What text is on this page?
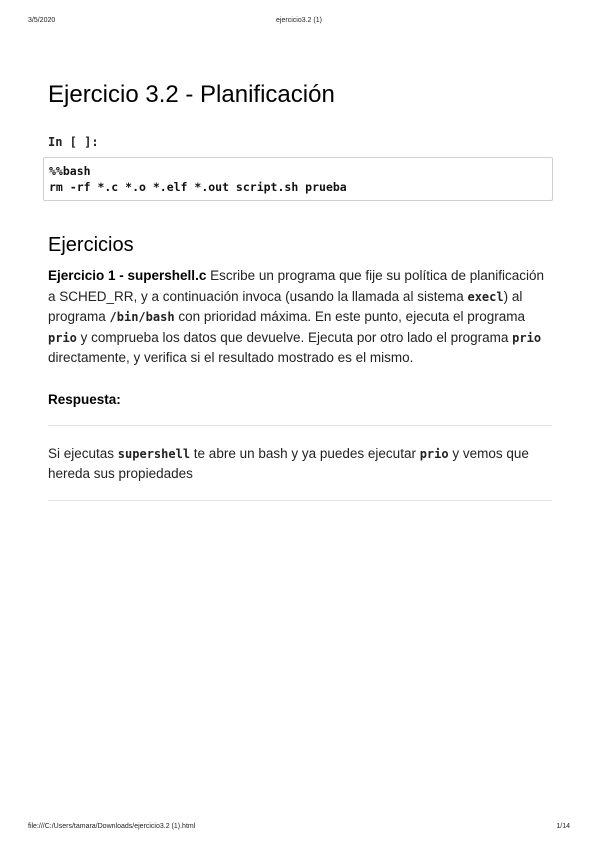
3/5/2020	ejercicio3.2 (1)
Ejercicio 3.2 - Planificación
In [ ]:
%%bash
rm -rf *.c *.o *.elf *.out script.sh prueba
Ejercicios
Ejercicio 1 - supershell.c Escribe un programa que fije su política de planificación a SCHED_RR, y a continuación invoca (usando la llamada al sistema execl) al programa /bin/bash con prioridad máxima. En este punto, ejecuta el programa prio y comprueba los datos que devuelve. Ejecuta por otro lado el programa prio directamente, y verifica si el resultado mostrado es el mismo.
Respuesta:
Si ejecutas supershell te abre un bash y ya puedes ejecutar prio y vemos que hereda sus propiedades
file:///C:/Users/tamara/Downloads/ejercicio3.2 (1).html	1/14
